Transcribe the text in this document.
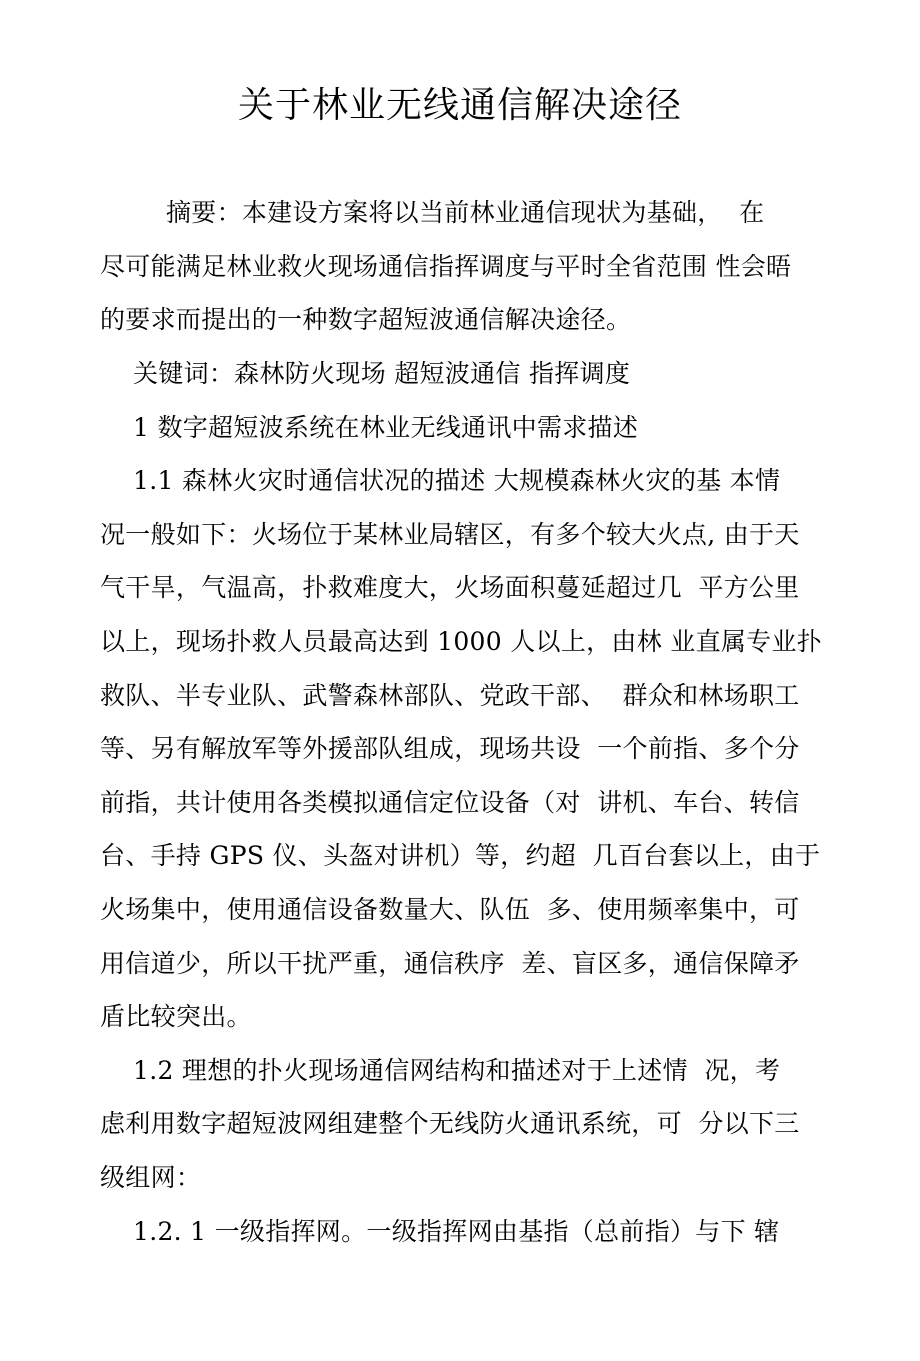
关于林业无线通信解决途径

摘要：本建设方案将以当前林业通信现状为基础，  在

尽可能满足林业救火现场通信指挥调度与平时全省范围 性会晤

的要求而提出的一种数字超短波通信解决途径。

关键词：森林防火现场 超短波通信 指挥调度

1 数字超短波系统在林业无线通讯中需求描述

1.1 森林火灾时通信状况的描述 大规模森林火灾的基 本情

况一般如下：火场位于某林业局辖区，有多个较大火点, 由于天

气干旱，气温高，扑救难度大，火场面积蔓延超过几  平方公里

以上，现场扑救人员最高达到 1000 人以上，由林 业直属专业扑

救队、半专业队、武警森林部队、党政干部、  群众和林场职工

等、另有解放军等外援部队组成，现场共设  一个前指、多个分

前指，共计使用各类模拟通信定位设备（对  讲机、车台、转信

台、手持 GPS 仪、头盔对讲机）等，约超  几百台套以上，由于

火场集中，使用通信设备数量大、队伍  多、使用频率集中，可

用信道少，所以干扰严重，通信秩序  差、盲区多，通信保障矛

盾比较突出。

1.2 理想的扑火现场通信网结构和描述对于上述情  况，考

虑利用数字超短波网组建整个无线防火通讯系统，可  分以下三

级组网：

1.2. 1 一级指挥网。一级指挥网由基指（总前指）与下 辖
